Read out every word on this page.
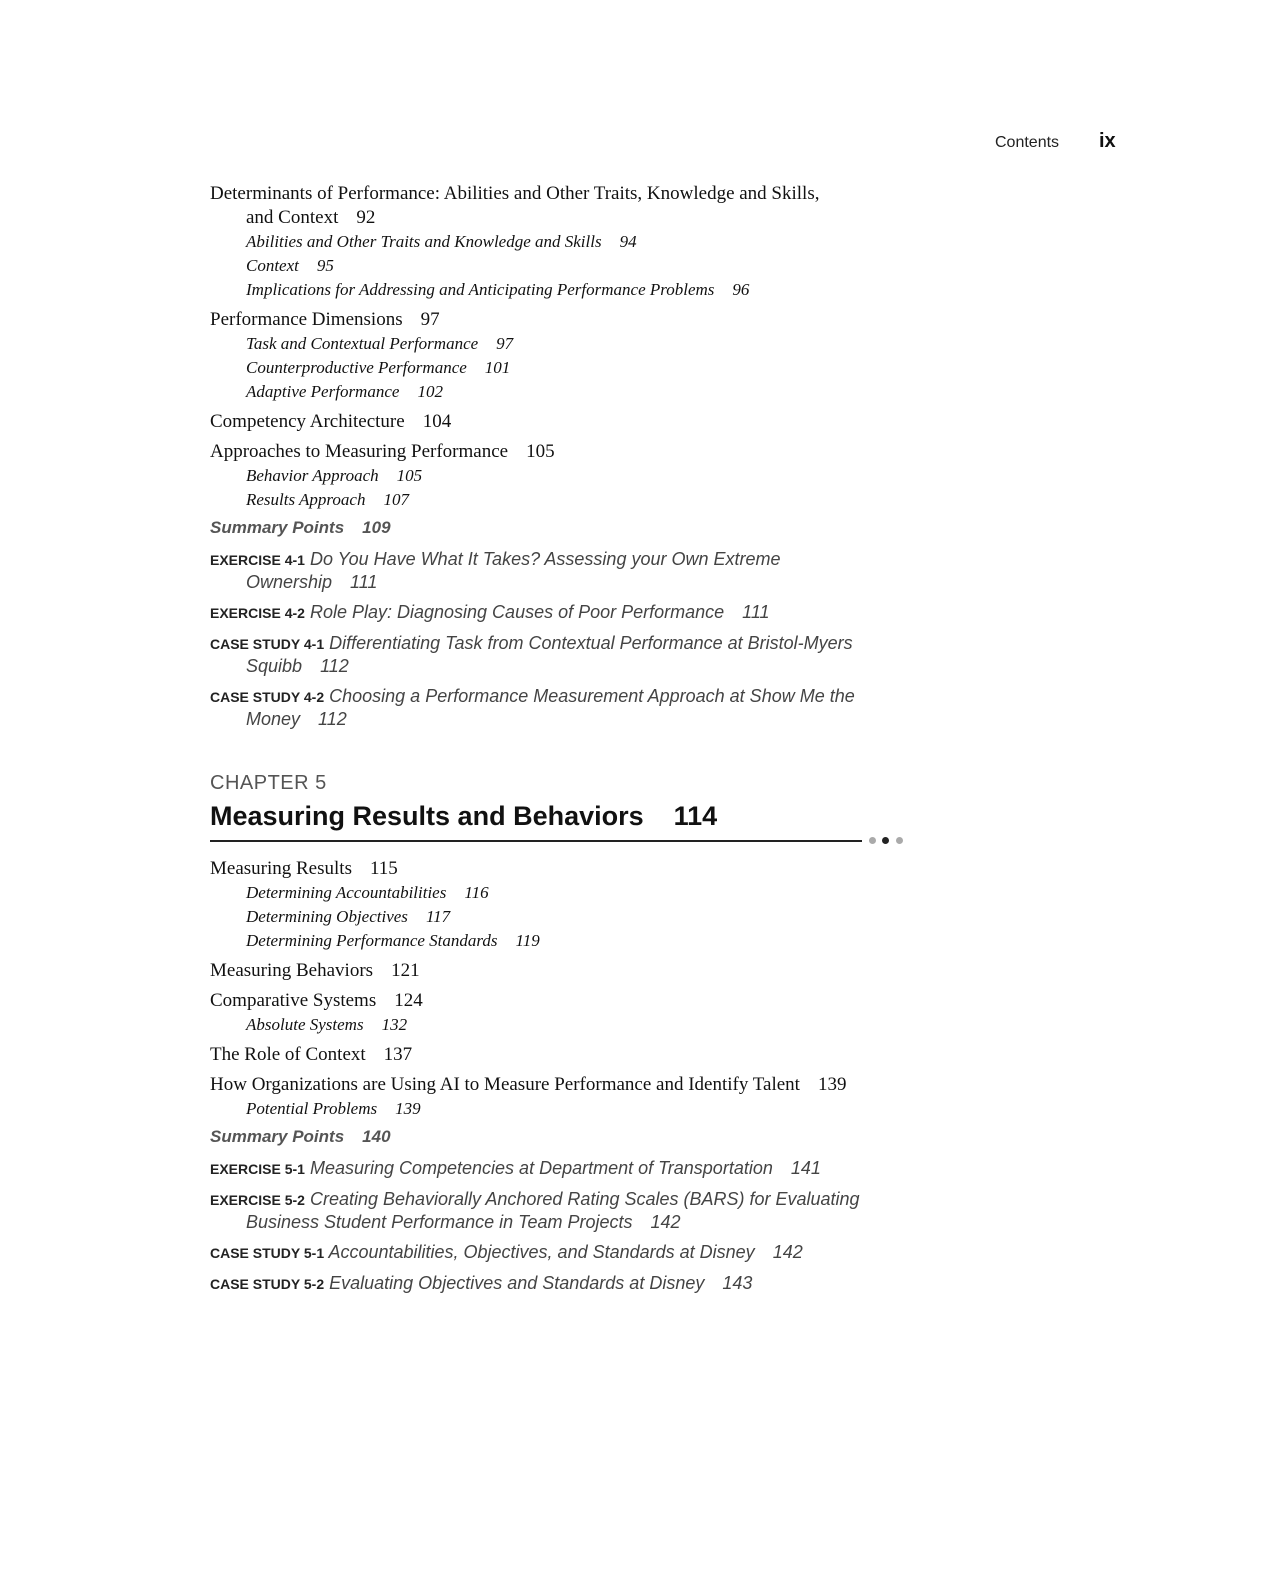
Contents ix
Determinants of Performance: Abilities and Other Traits, Knowledge and Skills,
and Context 92
Abilities and Other Traits and Knowledge and Skills 94
Context 95
Implications for Addressing and Anticipating Performance Problems 96
Performance Dimensions 97
Task and Contextual Performance 97
Counterproductive Performance 101
Adaptive Performance 102
Competency Architecture 104
Approaches to Measuring Performance 105
Behavior Approach 105
Results Approach 107
Summary Points 109
EXERCISE 4-1 Do You Have What It Takes? Assessing your Own Extreme
Ownership 111
EXERCISE 4-2 Role Play: Diagnosing Causes of Poor Performance 111
CASE STUDY 4-1 Differentiating Task from Contextual Performance at Bristol-Myers
Squibb 112
CASE STUDY 4-2 Choosing a Performance Measurement Approach at Show Me the
Money 112
CHAPTER 5
Measuring Results and Behaviors 114
Measuring Results 115
Determining Accountabilities 116
Determining Objectives 117
Determining Performance Standards 119
Measuring Behaviors 121
Comparative Systems 124
Absolute Systems 132
The Role of Context 137
How Organizations are Using AI to Measure Performance and Identify Talent 139
Potential Problems 139
Summary Points 140
EXERCISE 5-1 Measuring Competencies at Department of Transportation 141
EXERCISE 5-2 Creating Behaviorally Anchored Rating Scales (BARS) for Evaluating
Business Student Performance in Team Projects 142
CASE STUDY 5-1 Accountabilities, Objectives, and Standards at Disney 142
CASE STUDY 5-2 Evaluating Objectives and Standards at Disney 143
